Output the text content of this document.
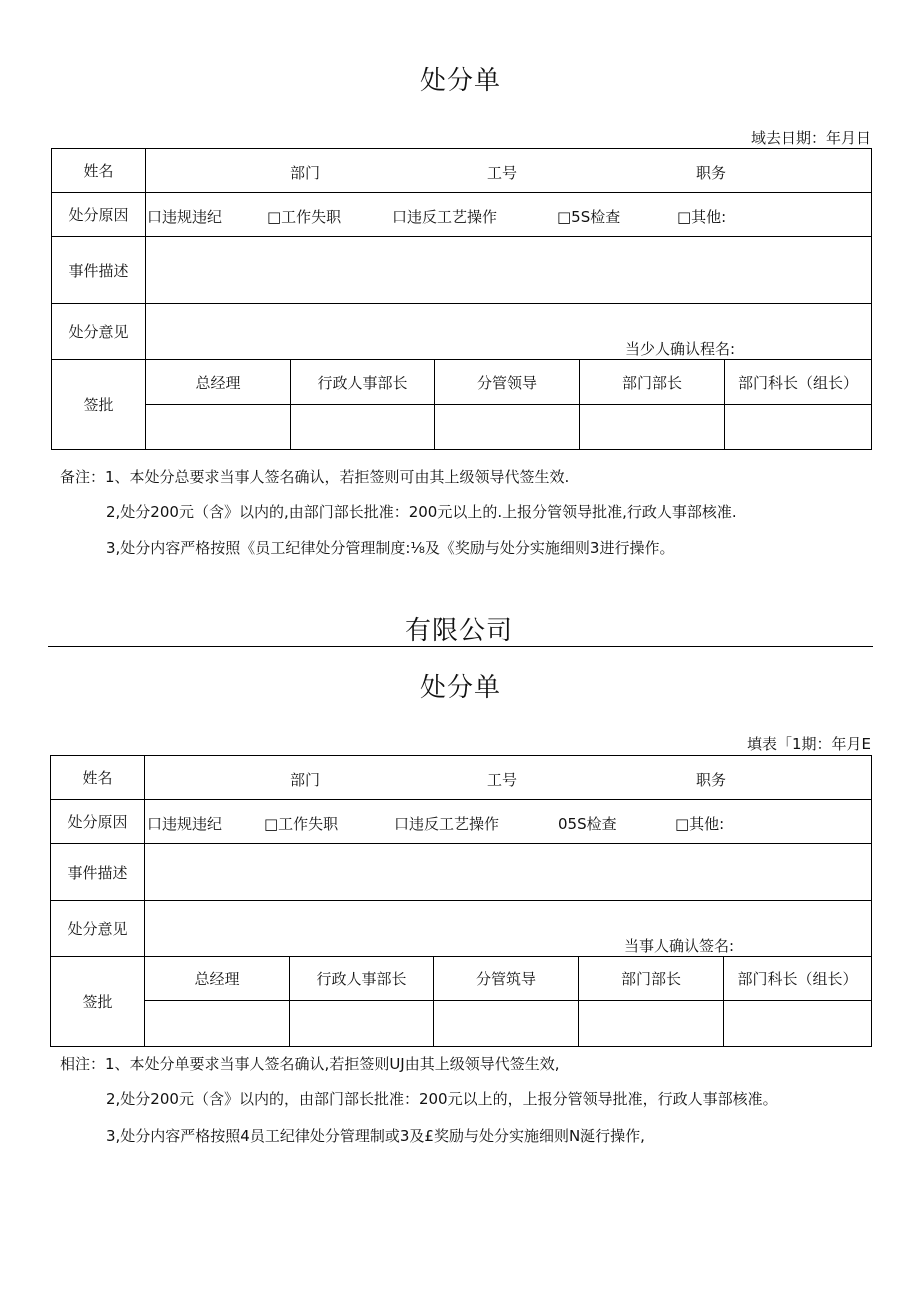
处分单
域去日期：年月日
姓名	部门 工号 职务				

处分原因	口违规违纪 □工作失职 口违反工艺操作 □5S检查 □其他:				

事件描述					
处分意见	当少人确认程名:				

签批	总经理	行政人事部长	分管领导	部门部长	部门科长（组长）

备注：1、本处分总要求当事人签名确认，若拒签则可由其上级领导代签生效.
2,处分200元（含》以内的,由部门部长批准：200元以上的.上报分管领导批准,行政人事部核准.
3,处分内容严格按照《员工纪律处分管理制度:⅛及《奖励与处分实施细则3进行操作。
有限公司
处分单
填表「1期：年月E
姓名	部门 工号 职务				

处分原因	口违规违纪 □工作失职 口违反工艺操作 05S检查 □其他:				

事件描述					
处分意见	当事人确认签名:				

签批	总经理	行政人事部长	分管筑导	部门部长	部门科长（组长）

相注：1、本处分单要求当事人签名确认,若拒签则UJ由其上级领导代签生效,
2,处分200元（含》以内的，由部门部长批准：200元以上的，上报分管领导批准，行政人事部核准。
3,处分内容严格按照4员工纪律处分管理制或3及£奖励与处分实施细则N涎行操作,
